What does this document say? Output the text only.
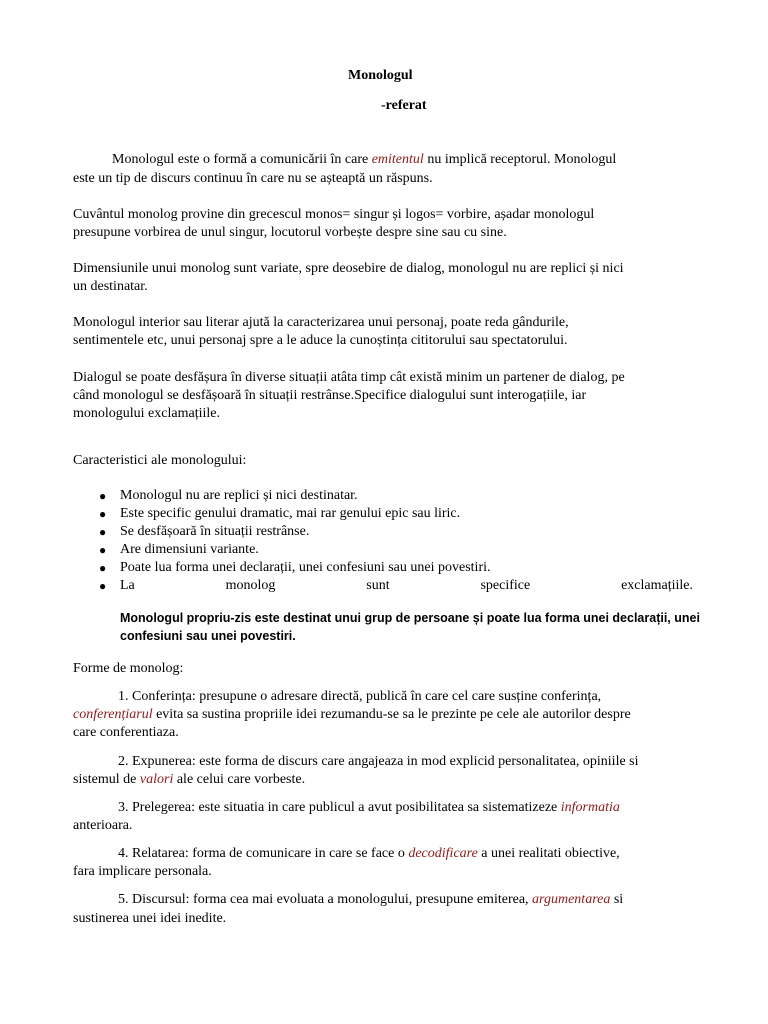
Monologul
-referat
Monologul este o formă a comunicării în care emitentul nu implică receptorul. Monologul
este un tip de discurs continuu în care nu se așteaptă un răspuns.
Cuvântul monolog provine din grecescul monos= singur și logos= vorbire, așadar monologul
presupune vorbirea de unul singur, locutorul vorbește despre sine sau cu sine.
Dimensiunile unui monolog sunt variate, spre deosebire de dialog, monologul nu are replici și nici
un destinatar.
Monologul interior sau literar ajută la caracterizarea unui personaj, poate reda gândurile,
sentimentele etc, unui personaj spre a le aduce la cunoștința cititorului sau spectatorului.
Dialogul se poate desfășura în diverse situații atâta timp cât există minim un partener de dialog, pe
când monologul se desfășoară în situații restrânse.Specifice dialogului sunt interogațiile, iar
monologului exclamațiile.
Caracteristici ale monologului:
● Monologul nu are replici și nici destinatar.
● Este specific genului dramatic, mai rar genului epic sau liric.
● Se desfășoară în situații restrânse.
● Are dimensiuni variante.
● Poate lua forma unei declarații, unei confesiuni sau unei povestiri.
● La	monolog	sunt	specifice	exclamațiile.
Monologul propriu-zis este destinat unui grup de persoane și poate lua forma unei declarații, unei
confesiuni sau unei povestiri.
Forme de monolog:
1. Conferința: presupune o adresare directă, publică în care cel care susține conferința,
conferențiarul evita sa sustina propriile idei rezumandu-se sa le prezinte pe cele ale autorilor despre
care conferentiaza.
2. Expunerea: este forma de discurs care angajeaza in mod explicid personalitatea, opiniile si
sistemul de valori ale celui care vorbeste.
3. Prelegerea: este situatia in care publicul a avut posibilitatea sa sistematizeze informatia
anterioara.
4. Relatarea: forma de comunicare in care se face o decodificare a unei realitati obiective,
fara implicare personala.
5. Discursul: forma cea mai evoluata a monologului, presupune emiterea, argumentarea si
sustinerea unei idei inedite.
